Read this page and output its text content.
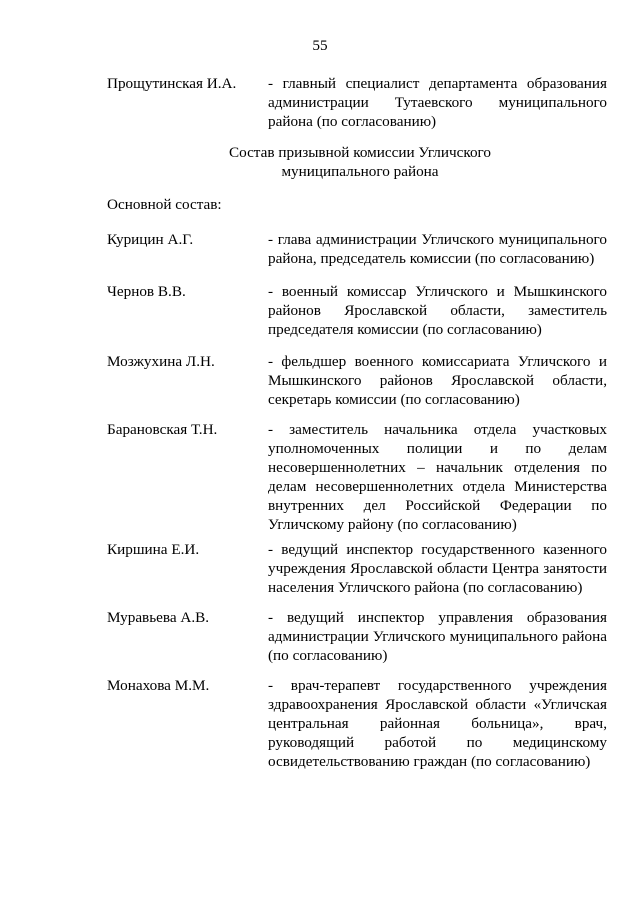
55
Прощутинская И.А. - главный специалист департамента образования администрации Тутаевского муниципального района (по согласованию)
Состав призывной комиссии Угличского
муниципального района
Основной состав:
Курицин А.Г.	- глава администрации Угличского муниципального района, председатель комиссии (по согласованию)
Чернов В.В.	- военный комиссар Угличского и Мышкинского районов Ярославской области, заместитель председателя комиссии (по согласованию)
Мозжухина Л.Н.	- фельдшер военного комиссариата Угличского и Мышкинского районов Ярославской области, секретарь комиссии (по согласованию)
Барановская Т.Н.	- заместитель начальника отдела участковых уполномоченных полиции и по делам несовершеннолетних – начальник отделения по делам несовершеннолетних отдела Министерства внутренних дел Российской Федерации по Угличскому району (по согласованию)
Киршина Е.И.	- ведущий инспектор государственного казенного учреждения Ярославской области Центра занятости населения Угличского района (по согласованию)
Муравьева А.В.	- ведущий инспектор управления образования администрации Угличского муниципального района (по согласованию)
Монахова М.М.	- врач-терапевт государственного учреждения здравоохранения Ярославской области «Угличская центральная районная больница», врач, руководящий работой по медицинскому освидетельствованию граждан (по согласованию)
